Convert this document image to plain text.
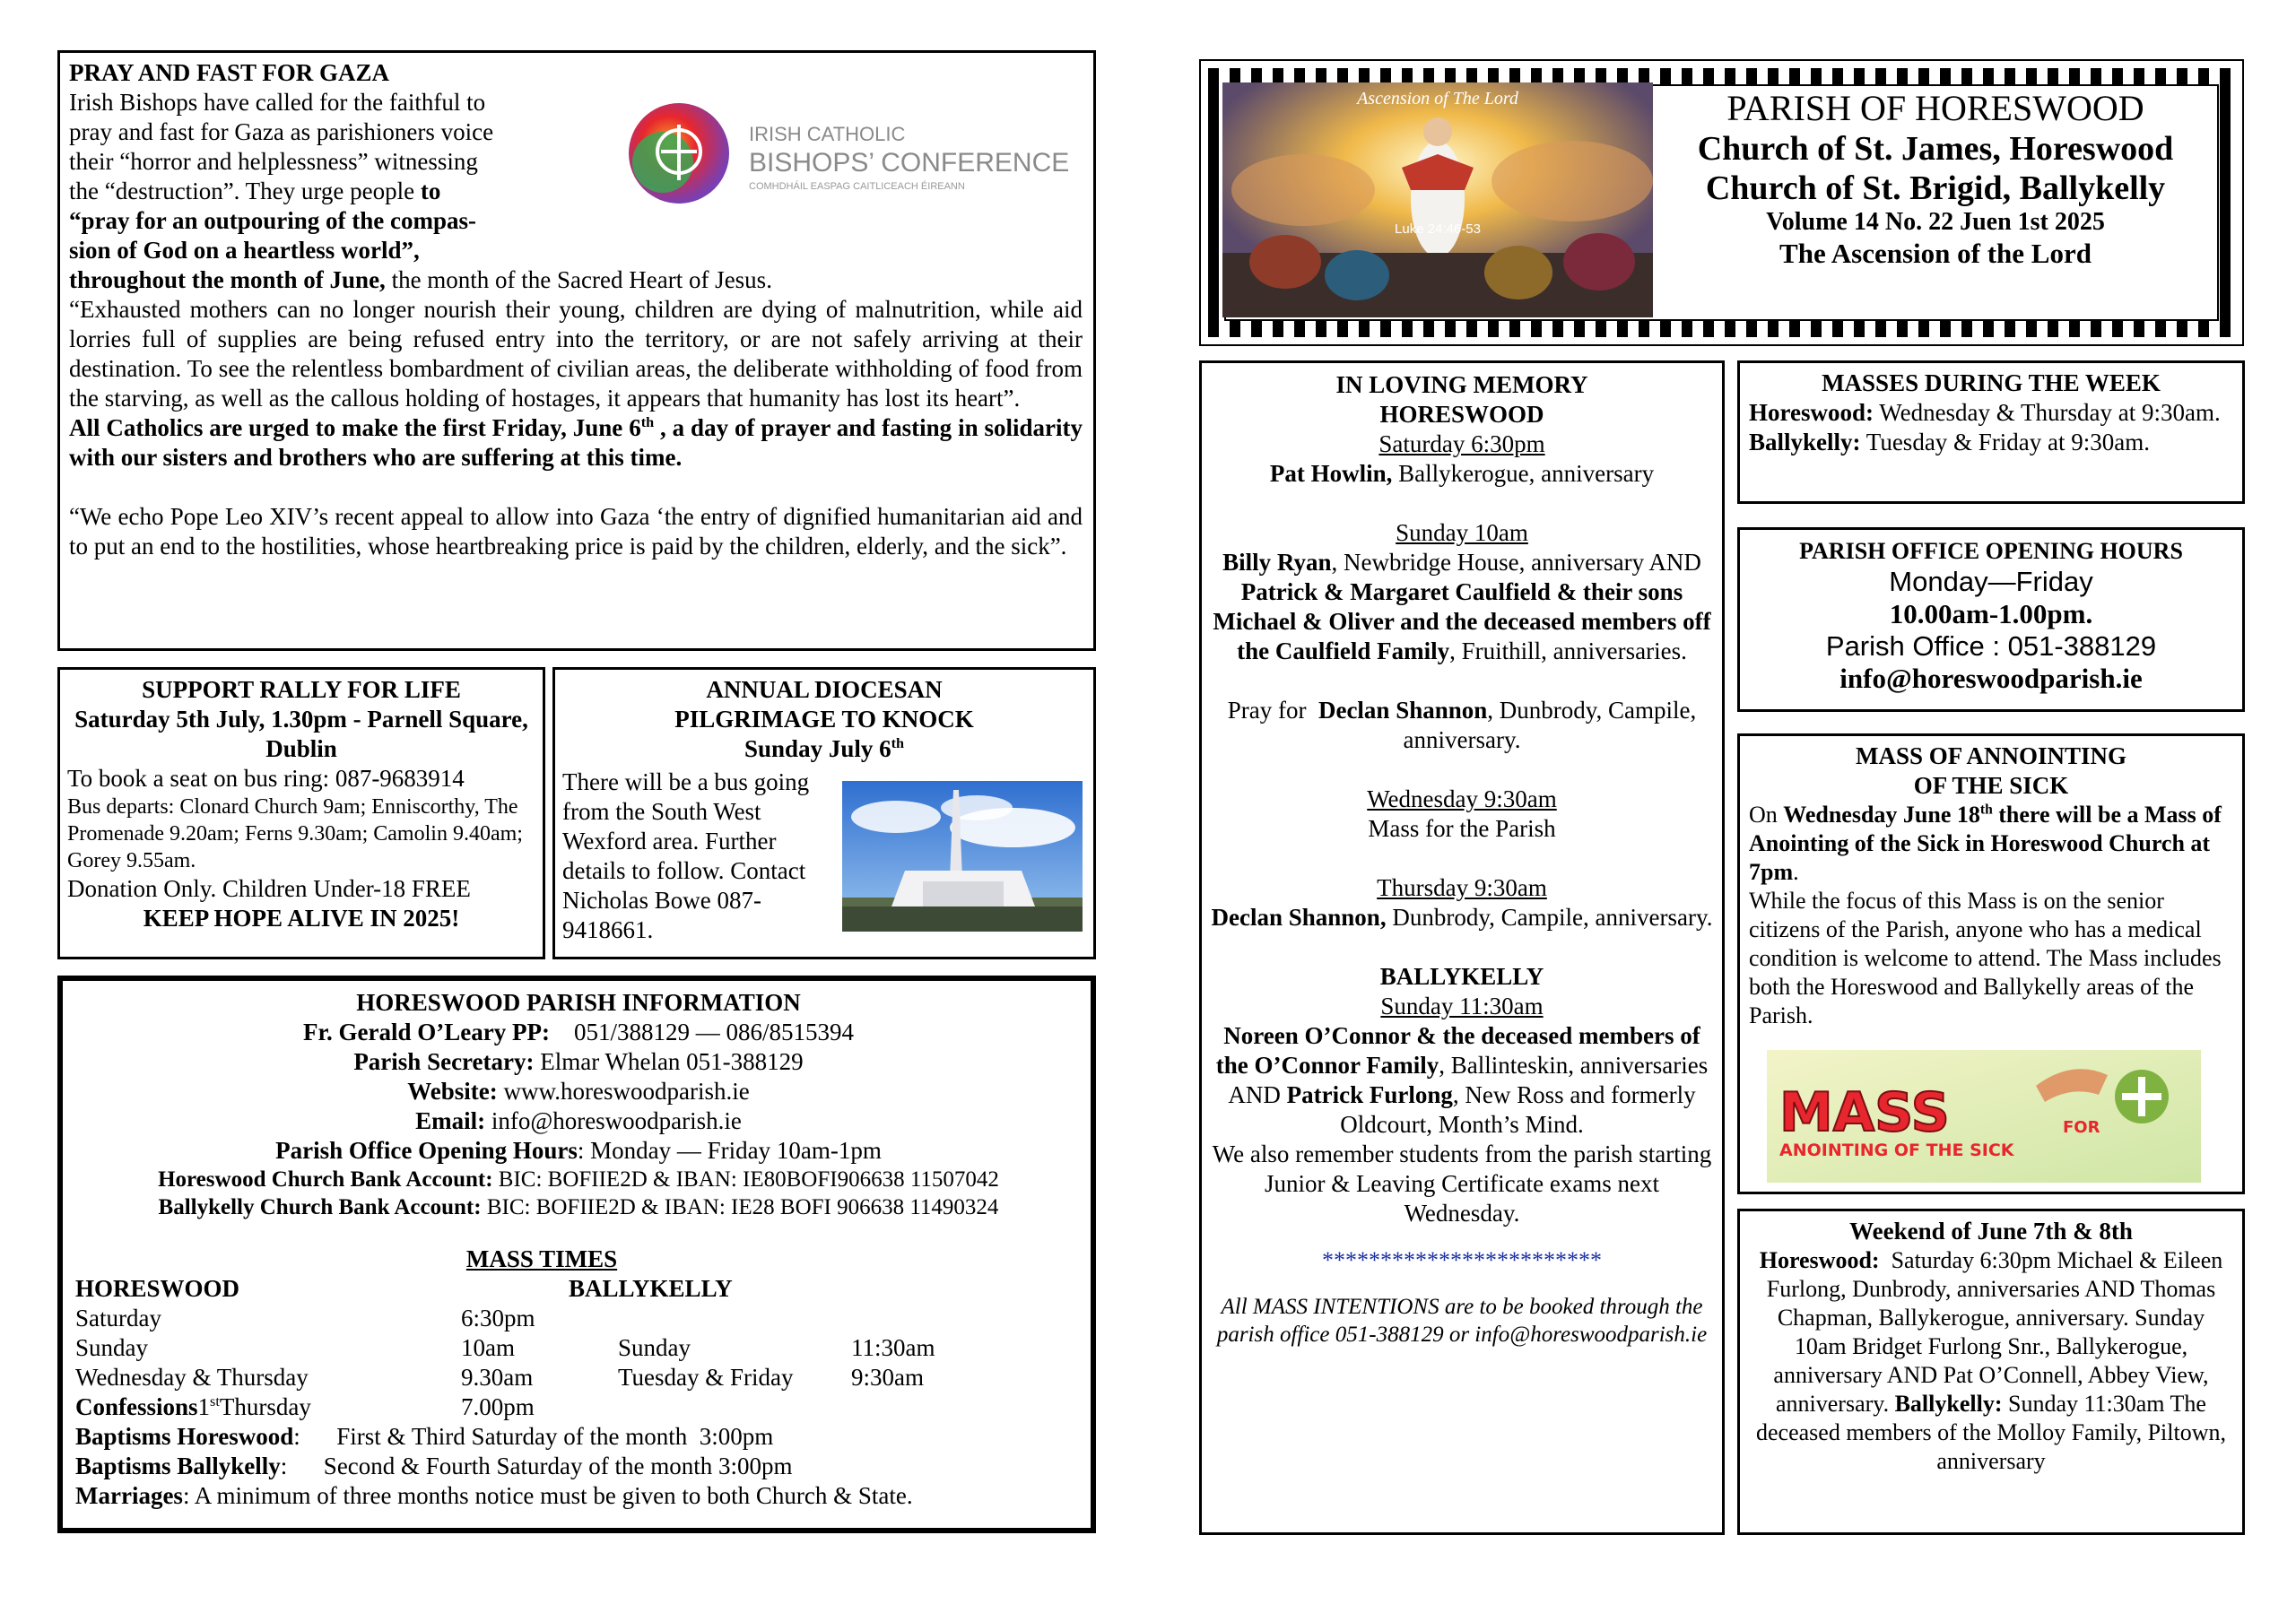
PRAY AND FAST FOR GAZA

Irish Bishops have called for the faithful to

pray and fast for Gaza as parishioners voice

their “horror and helplessness” witnessing

the “destruction”. They urge people to

“pray for an outpouring of the compas-

sion of God on a heartless world”,

throughout the month of June, the month of the Sacred Heart of Jesus.

“Exhausted mothers can no longer nourish their young, children are dying of malnutrition, while aid lorries full of supplies are being refused entry into the territory, or are not safely arriving at their destination. To see the relentless bombardment of civilian areas, the deliberate withholding of food from the starving, as well as the callous holding of hostages, it appears that humanity has lost its heart”.

All Catholics are urged to make the first Friday, June 6th , a day of prayer and fasting in solidarity with our sisters and brothers who are suffering at this time.

“We echo Pope Leo XIV’s recent appeal to allow into Gaza ‘the entry of dignified humanitarian aid and to put an end to the hostilities, whose heartbreaking price is paid by the children, elderly, and the sick”.

IRISH CATHOLIC
BISHOPS’ CONFERENCE
COMHDHÁIL EASPAG CAITLICEACH ÉIREANN

SUPPORT RALLY FOR LIFE

Saturday 5th July, 1.30pm - Parnell Square, Dublin

To book a seat on bus ring: 087-9683914

Bus departs: Clonard Church 9am; Enniscorthy, The Promenade 9.20am; Ferns 9.30am; Camolin 9.40am; Gorey 9.55am.

Donation Only. Children Under-18 FREE

KEEP HOPE ALIVE IN 2025!

ANNUAL DIOCESAN

PILGRIMAGE TO KNOCK

Sunday July 6th

There will be a bus going from the South West Wexford area. Further details to follow. Contact Nicholas Bowe 087-9418661.

HORESWOOD PARISH INFORMATION

Fr. Gerald O’Leary PP: 051/388129 — 086/8515394

Parish Secretary: Elmar Whelan 051-388129

Website: www.horeswoodparish.ie

Email: info@horeswoodparish.ie

Parish Office Opening Hours: Monday — Friday 10am-1pm

Horeswood Church Bank Account: BIC: BOFIIE2D & IBAN: IE80BOFI906638 11507042

Ballykelly Church Bank Account: BIC: BOFIIE2D & IBAN: IE28 BOFI 906638 11490324

MASS TIMES

HORESWOOD	BALLYKELLY
Saturday	6:30pm
Sunday	10am	Sunday	11:30am
Wednesday & Thursday	9.30am	Tuesday & Friday	9:30am
Confessions1stThursday	7.00pm

Baptisms Horeswood:      First & Third Saturday of the month  3:00pm

Baptisms Ballykelly:      Second & Fourth Saturday of the month 3:00pm

Marriages: A minimum of three months notice must be given to both Church & State.

Ascension of The Lord
Luke 24:46-53

PARISH OF HORESWOOD

Church of St. James, Horeswood

Church of St. Brigid, Ballykelly

Volume 14 No. 22 Juen 1st 2025

The Ascension of the Lord

IN LOVING MEMORY

HORESWOOD

Saturday 6:30pm

Pat Howlin, Ballykerogue, anniversary

Sunday 10am

Billy Ryan, Newbridge House, anniversary AND Patrick & Margaret Caulfield & their sons Michael & Oliver and the deceased members off the Caulfield Family, Fruithill, anniversaries.

Pray for  Declan Shannon, Dunbrody, Campile, anniversary.

Wednesday 9:30am

Mass for the Parish

Thursday 9:30am

Declan Shannon, Dunbrody, Campile, anniversary.

BALLYKELLY

Sunday 11:30am

Noreen O’Connor & the deceased members of the O’Connor Family, Ballinteskin, anniversaries AND Patrick Furlong, New Ross and formerly Oldcourt, Month’s Mind.

We also remember students from the parish starting Junior & Leaving Certificate exams next Wednesday.

************************

All MASS INTENTIONS are to be booked through the parish office 051-388129 or info@horeswoodparish.ie

MASSES DURING THE WEEK

Horeswood: Wednesday & Thursday at 9:30am.

Ballykelly: Tuesday & Friday at 9:30am.

PARISH OFFICE OPENING HOURS

Monday—Friday

10.00am-1.00pm.

Parish Office : 051-388129

info@horeswoodparish.ie

MASS OF ANNOINTING

OF THE SICK

On Wednesday June 18th there will be a Mass of Anointing of the Sick in Horeswood Church at 7pm.

While the focus of this Mass is on the senior citizens of the Parish, anyone who has a medical condition is welcome to attend. The Mass includes both the Horeswood and Ballykelly areas of the Parish.

MASS	FOR
ANOINTING OF THE SICK

Weekend of June 7th & 8th

Horeswood:  Saturday 6:30pm Michael & Eileen Furlong, Dunbrody, anniversaries AND Thomas Chapman, Ballykerogue, anniversary. Sunday 10am Bridget Furlong Snr., Ballykerogue, anniversary AND Pat O’Connell, Abbey View, anniversary. Ballykelly: Sunday 11:30am The deceased members of the Molloy Family, Piltown, anniversary
